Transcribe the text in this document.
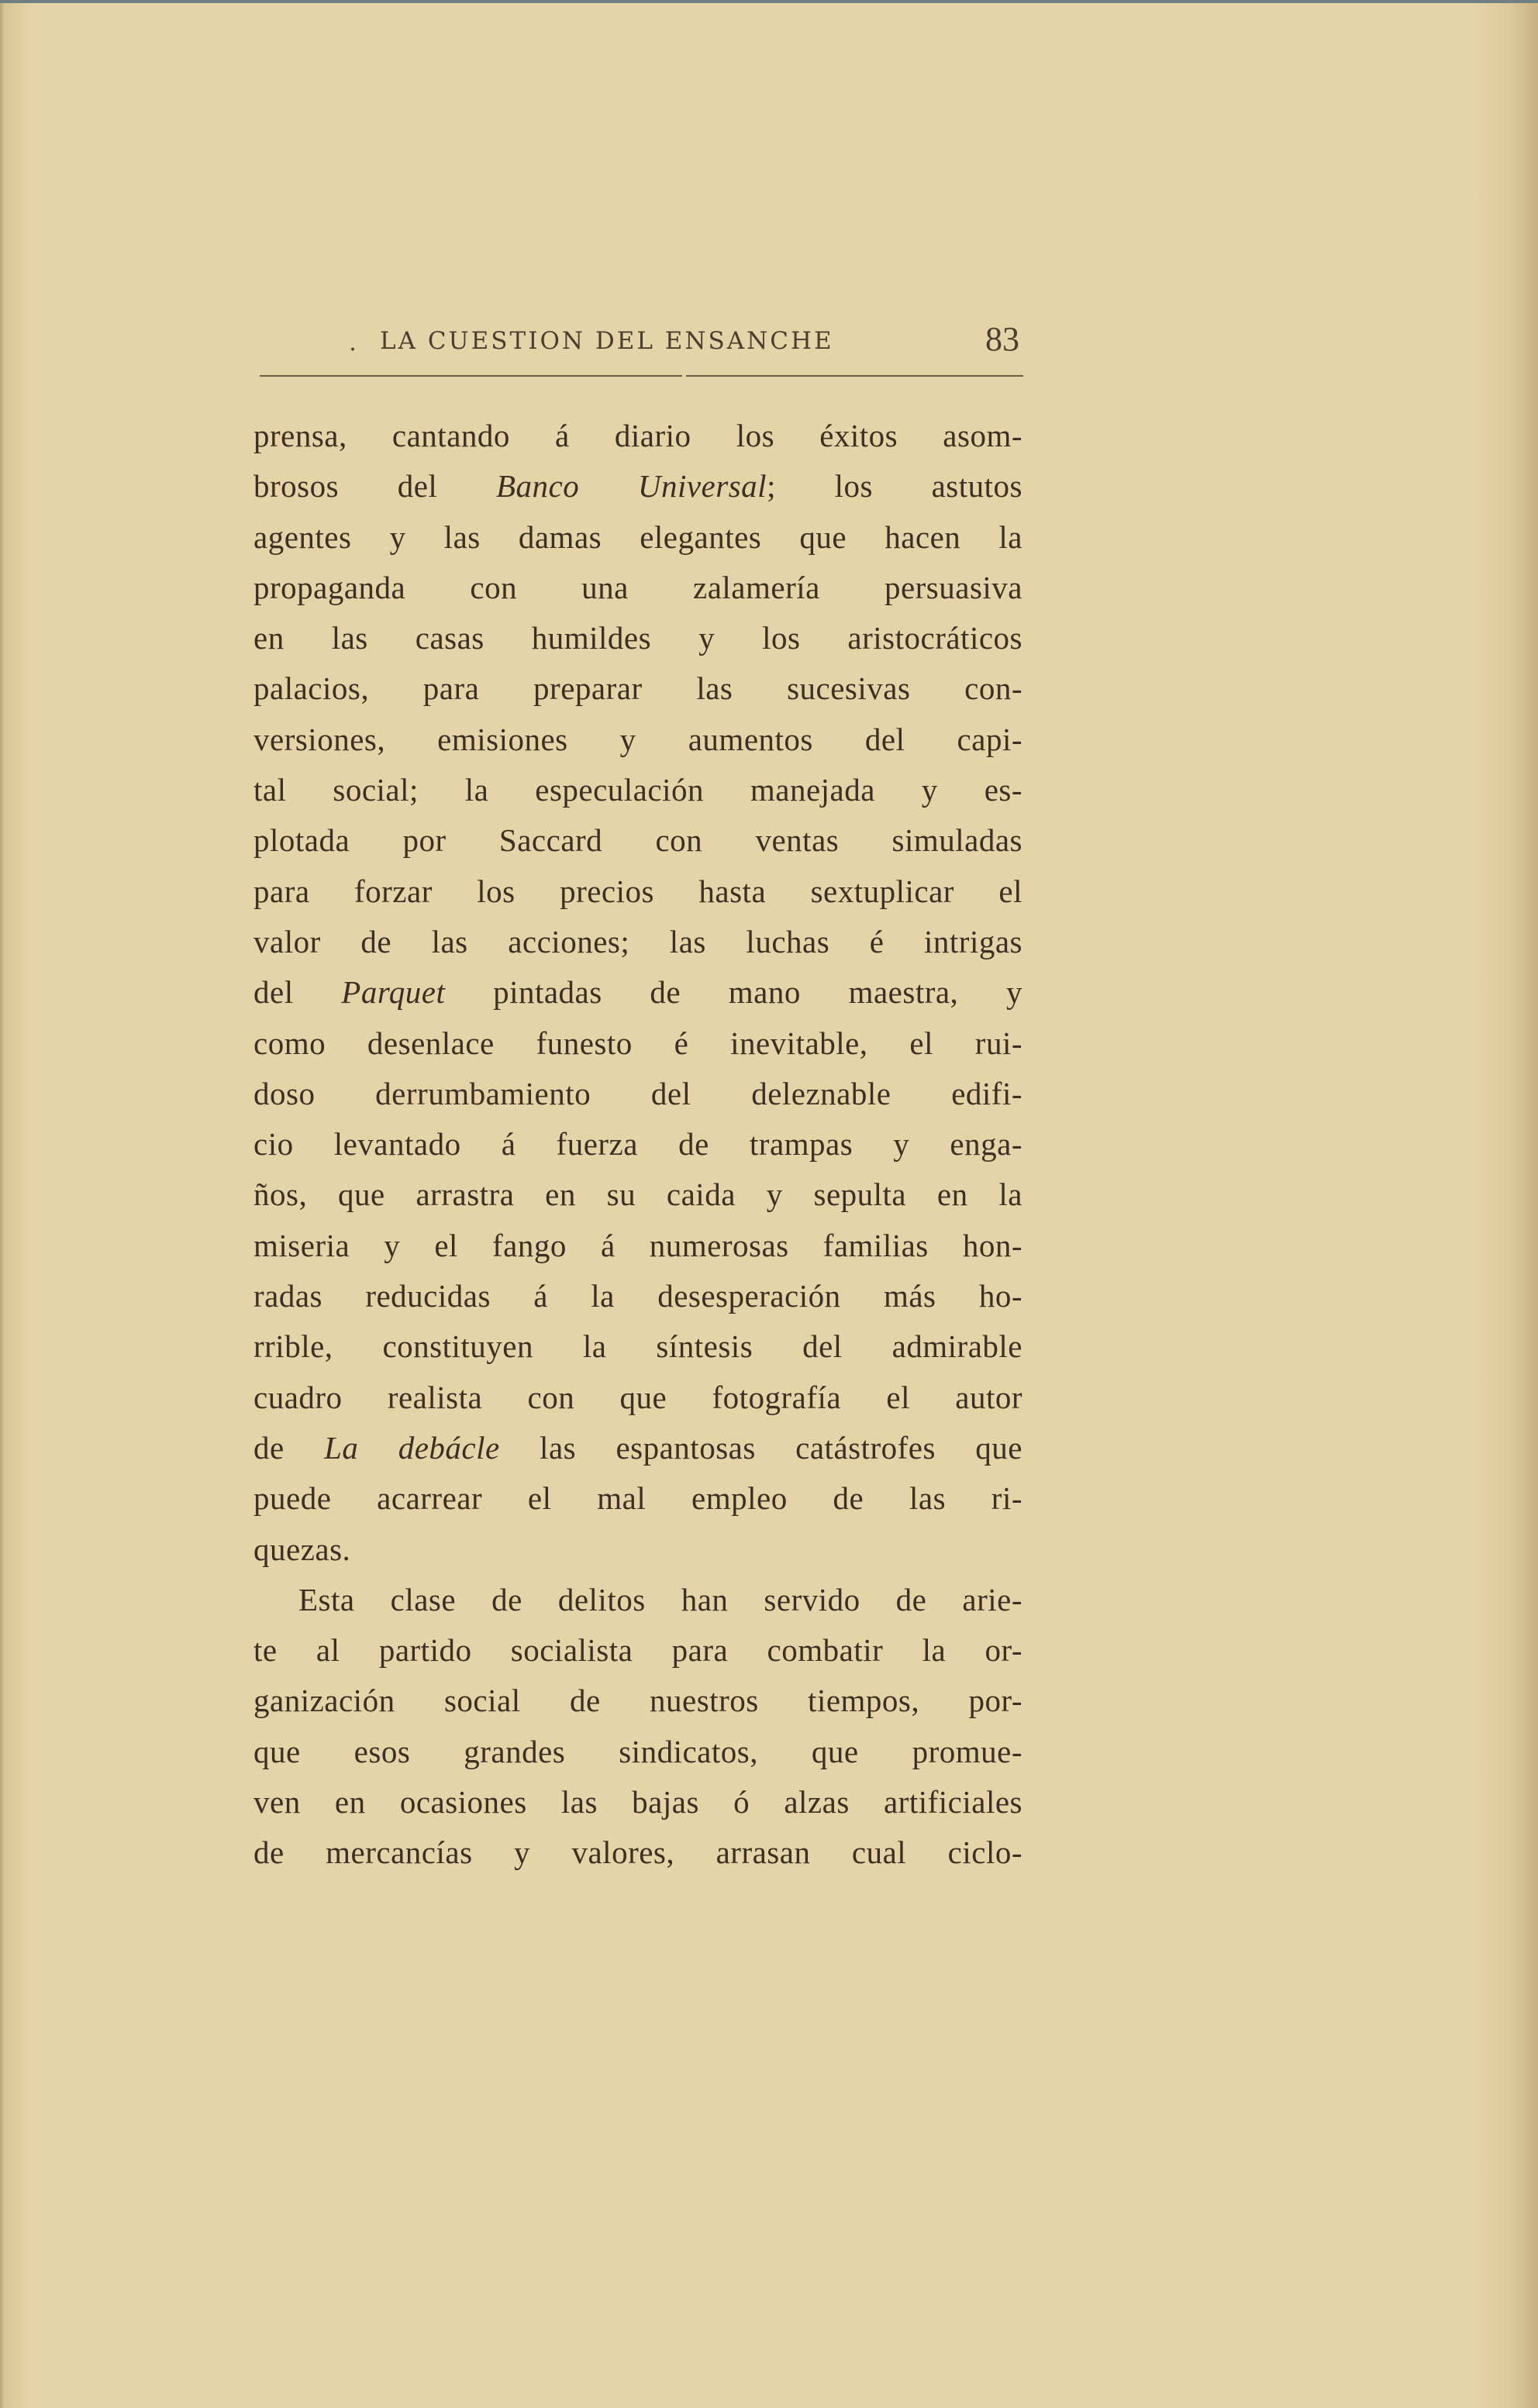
. LA CUESTION DEL ENSANCHE	83
prensa, cantando á diario los éxitos asom-
brosos del Banco Universal; los astutos
agentes y las damas elegantes que hacen la
propaganda con una zalamería persuasiva
en las casas humildes y los aristocráticos
palacios, para preparar las sucesivas con-
versiones, emisiones y aumentos del capi-
tal social; la especulación manejada y es-
plotada por Saccard con ventas simuladas
para forzar los precios hasta sextuplicar el
valor de las acciones; las luchas é intrigas
del Parquet pintadas de mano maestra, y
como desenlace funesto é inevitable, el rui-
doso derrumbamiento del deleznable edifi-
cio levantado á fuerza de trampas y enga-
ños, que arrastra en su caida y sepulta en la
miseria y el fango á numerosas familias hon-
radas reducidas á la desesperación más ho-
rrible, constituyen la síntesis del admirable
cuadro realista con que fotografía el autor
de La debácle las espantosas catástrofes que
puede acarrear el mal empleo de las ri-
quezas.
Esta clase de delitos han servido de arie-
te al partido socialista para combatir la or-
ganización social de nuestros tiempos, por-
que esos grandes sindicatos, que promue-
ven en ocasiones las bajas ó alzas artificiales
de mercancías y valores, arrasan cual ciclo-
